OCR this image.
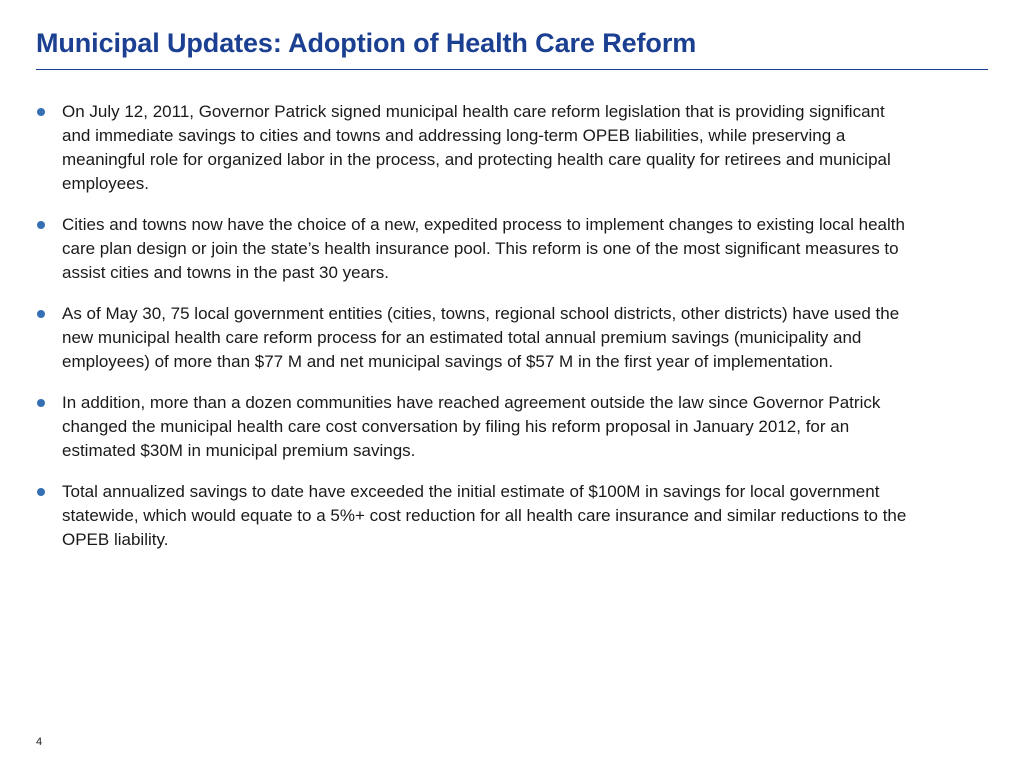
Municipal Updates: Adoption of Health Care Reform
On July 12, 2011, Governor Patrick signed municipal health care reform legislation that is providing significant and immediate savings to cities and towns and addressing long-term OPEB liabilities, while preserving a meaningful role for organized labor in the process, and protecting health care quality for retirees and municipal employees.
Cities and towns now have the choice of a new, expedited process to implement changes to existing local health care plan design or join the state’s health insurance pool. This reform is one of the most significant measures to assist cities and towns in the past 30 years.
As of May 30, 75 local government entities (cities, towns, regional school districts, other districts) have used the new municipal health care reform process for an estimated total annual premium savings (municipality and employees) of more than $77 M and net municipal savings of $57 M in the first year of implementation.
In addition, more than a dozen communities have reached agreement outside the law since Governor Patrick changed the municipal health care cost conversation by filing his reform proposal in January 2012, for an estimated $30M in municipal premium savings.
Total annualized savings to date have exceeded the initial estimate of $100M in savings for local government statewide, which would equate to a 5%+ cost reduction for all health care insurance and similar reductions to the OPEB liability.
4
